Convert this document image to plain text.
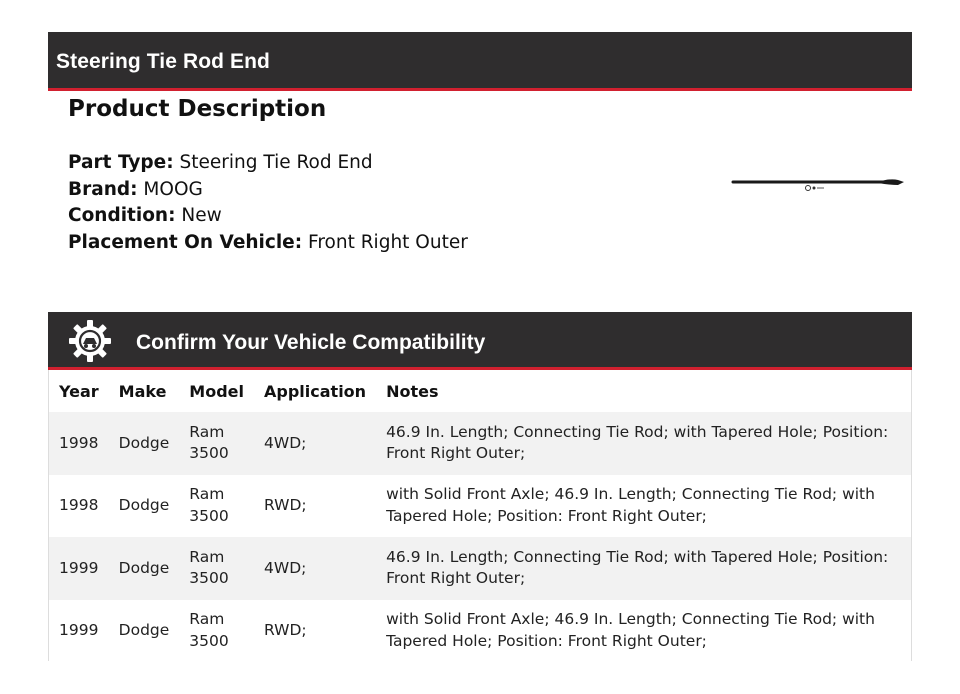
Steering Tie Rod End
Product Description
Part Type: Steering Tie Rod End
Brand: MOOG
Condition: New
Placement On Vehicle: Front Right Outer
Confirm Your Vehicle Compatibility
Year	Make	Model	Application	Notes
1998	Dodge	Ram 3500	4WD;	46.9 In. Length; Connecting Tie Rod; with Tapered Hole; Position: Front Right Outer;
1998	Dodge	Ram 3500	RWD;	with Solid Front Axle; 46.9 In. Length; Connecting Tie Rod; with Tapered Hole; Position: Front Right Outer;
1999	Dodge	Ram 3500	4WD;	46.9 In. Length; Connecting Tie Rod; with Tapered Hole; Position: Front Right Outer;
1999	Dodge	Ram 3500	RWD;	with Solid Front Axle; 46.9 In. Length; Connecting Tie Rod; with Tapered Hole; Position: Front Right Outer;
